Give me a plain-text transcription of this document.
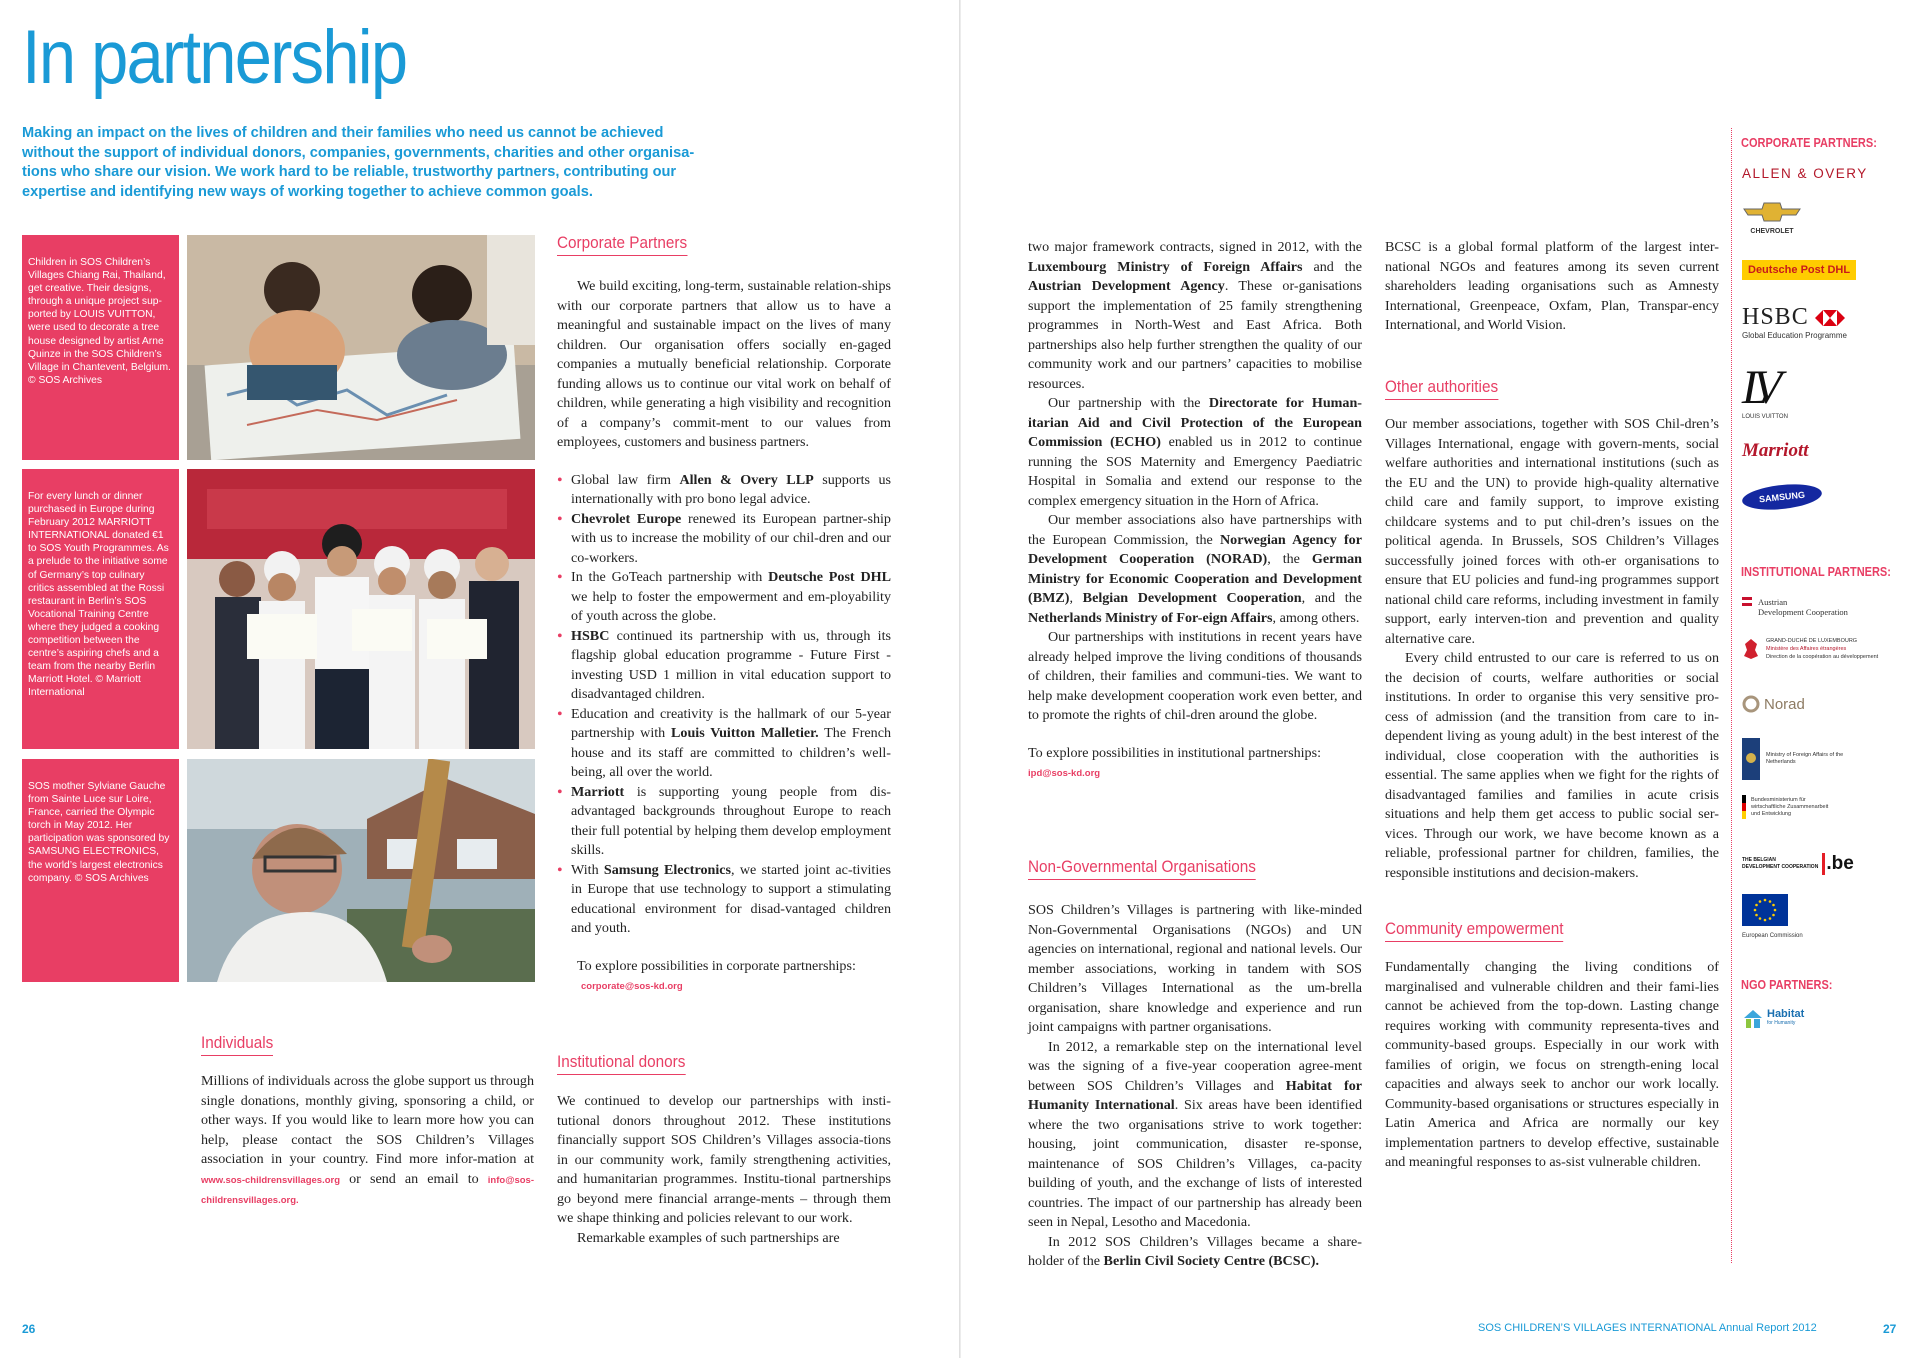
In partnership
Making an impact on the lives of children and their families who need us cannot be achieved without the support of individual donors, companies, governments, charities and other organisa-tions who share our vision. We work hard to be reliable, trustworthy partners, contributing our expertise and identifying new ways of working together to achieve common goals.
Children in SOS Children’s Villages Chiang Rai, Thailand, get creative. Their designs, through a unique project sup-ported by LOUIS VUITTON, were used to decorate a tree house designed by artist Arne Quinze in the SOS Children’s Village in Chantevent, Belgium. © SOS Archives
For every lunch or dinner purchased in Europe during February 2012 MARRIOTT INTERNATIONAL donated €1 to SOS Youth Programmes. As a prelude to the initiative some of Germany’s top culinary critics assembled at the Rossi restaurant in Berlin’s SOS Vocational Training Centre where they judged a cooking competition between the centre’s aspiring chefs and a team from the nearby Berlin Marriott Hotel. © Marriott International
SOS mother Sylviane Gauche from Sainte Luce sur Loire, France, carried the Olympic torch in May 2012. Her participation was sponsored by SAMSUNG ELECTRONICS, the world’s largest electronics company. © SOS Archives
Individuals

Millions of individuals across the globe support us through single donations, monthly giving, sponsoring a child, or other ways. If you would like to learn more how you can help, please contact the SOS Children’s Villages association in your country. Find more infor-mation at www.sos-childrensvillages.org or send an email to info@sos-childrensvillages.org.

Corporate Partners

We build exciting, long-term, sustainable relation-ships with our corporate partners that allow us to have a meaningful and sustainable impact on the lives of many children. Our organisation offers socially en-gaged companies a mutually beneficial relationship. Corporate funding allows us to continue our vital work on behalf of children, while generating a high visibility and recognition of a company’s commit-ment to our values from employees, customers and business partners.

• Global law firm Allen & Overy LLP supports us internationally with pro bono legal advice.
• Chevrolet Europe renewed its European partner-ship with us to increase the mobility of our chil-dren and our co-workers.
• In the GoTeach partnership with Deutsche Post DHL we help to foster the empowerment and em-ployability of youth across the globe.
• HSBC continued its partnership with us, through its flagship global education programme - Future First - investing USD 1 million in vital education support to disadvantaged children.
• Education and creativity is the hallmark of our 5-year partnership with Louis Vuitton Malletier. The French house and its staff are committed to children’s well-being, all over the world.
• Marriott is supporting young people from dis-advantaged backgrounds throughout Europe to reach their full potential by helping them develop employment skills.
• With Samsung Electronics, we started joint ac-tivities in Europe that use technology to support a stimulating educational environment for disad-vantaged children and youth.

To explore possibilities in corporate partnerships:

corporate@sos-kd.org

Institutional donors

We continued to develop our partnerships with insti-tutional donors throughout 2012. These institutions financially support SOS Children’s Villages associa-tions in our community work, family strengthening activities, and humanitarian programmes. Institu-tional partnerships go beyond mere financial arrange-ments – through them we shape thinking and policies relevant to our work.

Remarkable examples of such partnerships are

26

two major framework contracts, signed in 2012, with the Luxembourg Ministry of Foreign Affairs and the Austrian Development Agency. These or-ganisations support the implementation of 25 family strengthening programmes in North-West and East Africa. Both partnerships also help further strengthen the quality of our community work and our partners’ capacities to mobilise resources.

Our partnership with the Directorate for Human-itarian Aid and Civil Protection of the European Commission (ECHO) enabled us in 2012 to continue running the SOS Maternity and Emergency Paediatric Hospital in Somalia and extend our response to the complex emergency situation in the Horn of Africa.

Our member associations also have partnerships with the European Commission, the Norwegian Agency for Development Cooperation (NORAD), the German Ministry for Economic Cooperation and Development (BMZ), Belgian Development Cooperation, and the Netherlands Ministry of For-eign Affairs, among others.

Our partnerships with institutions in recent years have already helped improve the living conditions of thousands of children, their families and communi-ties. We want to help make development cooperation work even better, and to promote the rights of chil-dren around the globe.

To explore possibilities in institutional partnerships:

ipd@sos-kd.org

Non-Governmental Organisations

SOS Children’s Villages is partnering with like-minded Non-Governmental Organisations (NGOs) and UN agencies on international, regional and national levels. Our member associations, working in tandem with SOS Children’s Villages International as the um-brella organisation, share knowledge and experience and run joint campaigns with partner organisations.

In 2012, a remarkable step on the international level was the signing of a five-year cooperation agree-ment between SOS Children’s Villages and Habitat for Humanity International. Six areas have been identified where the two organisations strive to work together: housing, joint communication, disaster re-sponse, maintenance of SOS Children’s Villages, ca-pacity building of youth, and the exchange of lists of interested countries. The impact of our partnership has already been seen in Nepal, Lesotho and Macedonia.

In 2012 SOS Children’s Villages became a share-holder of the Berlin Civil Society Centre (BCSC).

BCSC is a global formal platform of the largest inter-national NGOs and features among its seven current shareholders leading organisations such as Amnesty International, Greenpeace, Oxfam, Plan, Transpar-ency International, and World Vision.

Other authorities

Our member associations, together with SOS Chil-dren’s Villages International, engage with govern-ments, social welfare authorities and international institutions (such as the EU and the UN) to provide high-quality alternative child care and family support, to improve existing childcare systems and to put chil-dren’s issues on the political agenda. In Brussels, SOS Children’s Villages successfully joined forces with oth-er organisations to ensure that EU policies and fund-ing programmes support national child care reforms, including investment in family support, early interven-tion and prevention and quality alternative care.

Every child entrusted to our care is referred to us on the decision of courts, welfare authorities or social institutions. In order to organise this very sensitive pro-cess of admission (and the transition from care to in-dependent living as young adult) in the best interest of the individual, close cooperation with the authorities is essential. The same applies when we fight for the rights of disadvantaged families and families in acute crisis situations and help them get access to public social ser-vices. Through our work, we have become known as a reliable, professional partner for children, families, the responsible institutions and decision-makers.

Community empowerment

Fundamentally changing the living conditions of marginalised and vulnerable children and their fami-lies cannot be achieved from the top-down. Lasting change requires working with community representa-tives and community-based groups. Especially in our work with families of origin, we focus on strength-ening local capacities and always seek to anchor our work locally. Community-based organisations or structures especially in Latin America and Africa are normally our key implementation partners to develop effective, sustainable and meaningful responses to as-sist vulnerable children.

CORPORATE PARTNERS:
ALLEN & OVERY
CHEVROLET
Deutsche Post DHL
HSBC
Global Education Programme
LV
LOUIS VUITTON
Marriott
SAMSUNG
INSTITUTIONAL PARTNERS:
Austrian
Development Cooperation
GRAND-DUCHÉ DE LUXEMBOURG
Ministère des Affaires étrangères
Direction de la coopération au développement
Norad
Ministry of Foreign Affairs of the Netherlands
Bundesministerium für wirtschaftliche Zusammenarbeit und Entwicklung
THE BELGIAN
DEVELOPMENT COOPERATION .be
European Commission
NGO PARTNERS:
Habitat
for Humanity
SOS CHILDREN’S VILLAGES INTERNATIONAL Annual Report 2012	27
